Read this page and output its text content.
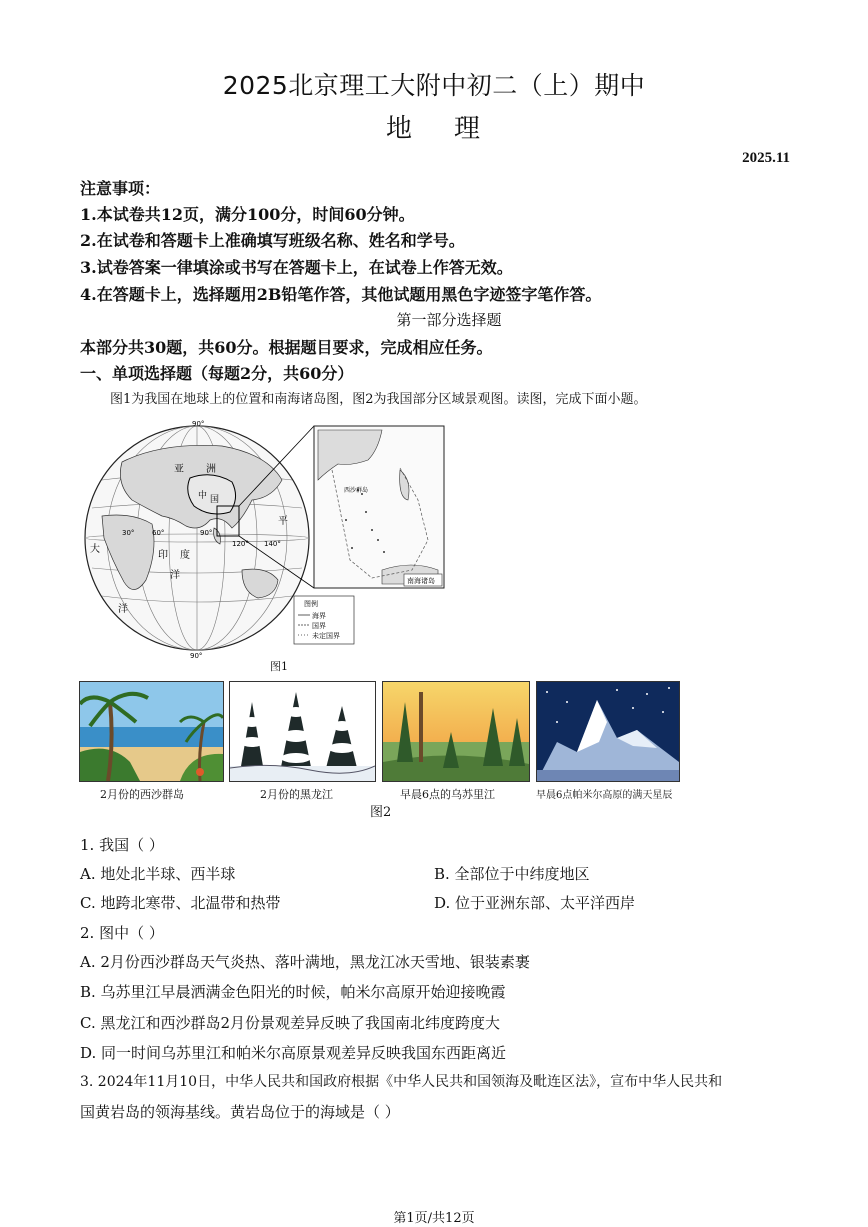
2025北京理工大附中初二（上）期中
地理
2025.11
注意事项：
1.本试卷共12页，满分100分，时间60分钟。
2.在试卷和答题卡上准确填写班级名称、姓名和学号。
3.试卷答案一律填涂或书写在答题卡上，在试卷上作答无效。
4.在答题卡上，选择题用2B铅笔作答，其他试题用黑色字迹签字笔作答。
第一部分选择题
本部分共30题，共60分。根据题目要求，完成相应任务。
一、单项选择题（每题2分，共60分）
图1为我国在地球上的位置和南海诸岛图，图2为我国部分区域景观图。读图，完成下面小题。
90°
90°
30°	60°	90°
120° 140°
亚 洲
中 国
印 度
洋
大
平
洋
西沙群岛
南海诸岛
图例
海界
国界
未定国界
图1
2月份的西沙群岛	2月份的黑龙江	早晨6点的乌苏里江	早晨6点帕米尔高原的满天星辰
图2
1. 我国（ ）
A. 地处北半球、西半球	B. 全部位于中纬度地区
C. 地跨北寒带、北温带和热带	D. 位于亚洲东部、太平洋西岸
2. 图中（ ）
A. 2月份西沙群岛天气炎热、落叶满地，黑龙江冰天雪地、银装素裹
B. 乌苏里江早晨洒满金色阳光的时候，帕米尔高原开始迎接晚霞
C. 黑龙江和西沙群岛2月份景观差异反映了我国南北纬度跨度大
D. 同一时间乌苏里江和帕米尔高原景观差异反映我国东西距离近
3. 2024年11月10日，中华人民共和国政府根据《中华人民共和国领海及毗连区法》，宣布中华人民共和
国黄岩岛的领海基线。黄岩岛位于的海域是（ ）
第1页/共12页
